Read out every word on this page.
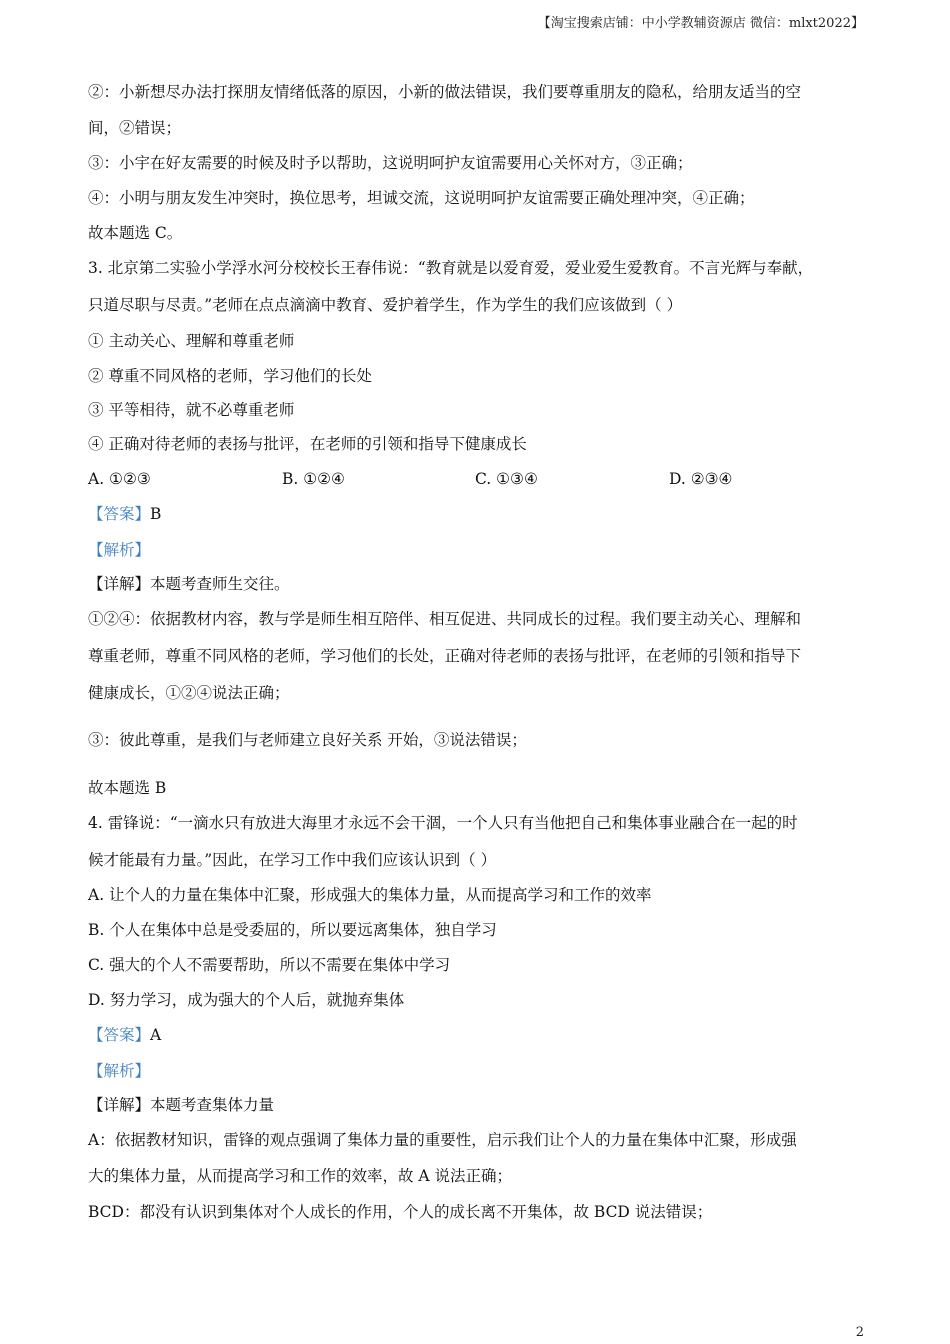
【淘宝搜索店铺：中小学教辅资源店 微信：mlxt2022】
②：小新想尽办法打探朋友情绪低落的原因，小新的做法错误，我们要尊重朋友的隐私，给朋友适当的空
间，②错误；
③：小宇在好友需要的时候及时予以帮助，这说明呵护友谊需要用心关怀对方，③正确；
④：小明与朋友发生冲突时，换位思考，坦诚交流，这说明呵护友谊需要正确处理冲突，④正确；
故本题选 C。
3. 北京第二实验小学浮水河分校校长王春伟说：“教育就是以爱育爱，爱业爱生爱教育。不言光辉与奉献，
只道尽职与尽责。”老师在点点滴滴中教育、爱护着学生，作为学生的我们应该做到（ ）
① 主动关心、理解和尊重老师
② 尊重不同风格的老师，学习他们的长处
③ 平等相待，就不必尊重老师
④ 正确对待老师的表扬与批评，在老师的引领和指导下健康成长
A. ①②③	B. ①②④	C. ①③④	D. ②③④
【答案】B
【解析】
【详解】本题考查师生交往。
①②④：依据教材内容，教与学是师生相互陪伴、相互促进、共同成长的过程。我们要主动关心、理解和
尊重老师，尊重不同风格的老师，学习他们的长处，正确对待老师的表扬与批评，在老师的引领和指导下
健康成长，①②④说法正确；
③：彼此尊重，是我们与老师建立良好关系 开始，③说法错误；
故本题选 B
4. 雷锋说：“一滴水只有放进大海里才永远不会干涸，一个人只有当他把自己和集体事业融合在一起的时
候才能最有力量。”因此，在学习工作中我们应该认识到（ ）
A. 让个人的力量在集体中汇聚，形成强大的集体力量，从而提高学习和工作的效率
B. 个人在集体中总是受委屈的，所以要远离集体，独自学习
C. 强大的个人不需要帮助，所以不需要在集体中学习
D. 努力学习，成为强大的个人后，就抛弃集体
【答案】A
【解析】
【详解】本题考查集体力量
A：依据教材知识，雷锋的观点强调了集体力量的重要性，启示我们让个人的力量在集体中汇聚，形成强
大的集体力量，从而提高学习和工作的效率，故 A 说法正确；
BCD：都没有认识到集体对个人成长的作用，个人的成长离不开集体，故 BCD 说法错误；
2
